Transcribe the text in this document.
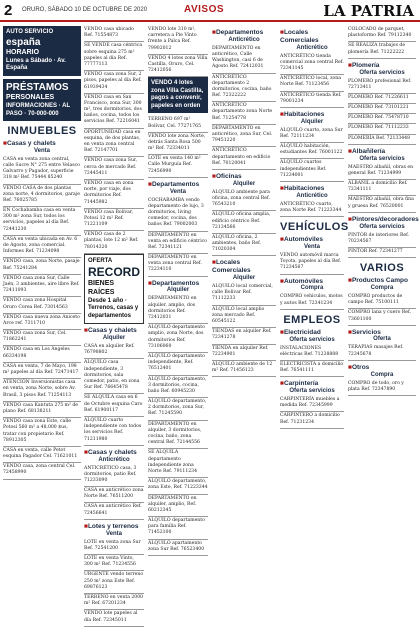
2 ORURO, SÁBADO 10 DE OCTUBRE DE 2020	AVISOS	LA PATRIA
AUTO SERVICIO
españa
HORARIO
Lunes a Sábado · Av. España
PRÉSTAMOS
PERSONALES
INFORMACIONES · AL PASO · 70-000-000
INMUEBLES
■ Casas y chalets
Venta
CASA en venta zona central, calle Sucre N° 275 entre Velasco Galvarro y Pagador, superficie 318 m² Ref. 75444 85240
VENDO CASA de dos plantas zona norte, 4 dormitorios, garaje Ref. 76025785
EN Cochabamba casa en venta 300 m² zona Sur, todos los servicios, papeles al día Ref. 72441230
CASA en venta ubicada en Av. 6 de Agosto, zona comercial. Informes Ref. 71234098
VENDO casa, zona Norte, pasaje Ref. 75241284
VENDO casa zona Sur, Calle Jaén, 3 ambientes, aire libre Ref. 72411093
VENDO casa zona Hospital Oruro Corea Ref. 73014563
VENDO casa nueva zona Aniceto Arce ref. 7311710
VENDO casa zona Sur, Cel. 71862241
VENDO casa en Los Ángeles 66334198
CASA en venta, 7 de Mayo, 198 m² papeles al día Ref. 72471417
ATENCIÓN Inversionistas casa en venta, zona Norte, sobre Av. Brasil, 3 pisos Ref. 71254113
VENDO casa Kantuta 275 m² de plano Ref. 68138211
VENDO casa zona Este, calle Potosí 560 m² a 48.000 $us, tratar con propietario Ref. 78912305
CASA en venta, calle Petot esquina Pagador Cel. 71621011
VENDO casa, zona central Cel. 72458990
VENDO casa ubicado Ref. 71554873
SE VENDE casa céntrica sobre esquina 275 m² papeles al día Ref. 77777113
VENDO casa zona Sur, 2 pisos, papeles al día Ref. 61939434
VENDO casa en San Francisco, zona Sur, 300 m², tres dormitorios, dos baños, cocina, todos los servicios Ref. 72216041
OPORTUNIDAD casa en esquina, de dos plantas, en venta zona central Ref. 72147701
VENDO casa zona Sur, cerca de mercado Ref. 72445411
VENDO casa en zona norte, por viaje, dos dormitorios Ref. 71445982
VENDO casa Bolívar, Potosí 12 m² Ref. 71221109
VENDO casa de 2 plantas, lote 12 m² Ref. 78014320
OFERTA
RECORD
BIENES RAÍCES
Desde 1 año · Terrenos, casas y departamentos
■ Casas y chalets
Alquiler
CASA en alquiler Ref. 76798802
ALQUILO casa independiente, 3 dormitorios, sala comedor, patio, en zona Sur Ref. 76645478
SE ALQUILA casa en 6 de Octubre esquina Caro Ref. 61900117
ALQUILO cuarto independiente con todos los servicios Ref. 71211980
■ Casas y chalets
Anticrético
ANTICRÉTICO casa, 3 dormitorios, patio Ref. 71233090
CASA en anticrético zona Norte Ref. 76511200
CASA en anticrético Ref. 72456641
■ Lotes y terrenos
Venta
LOTE en venta zona Sur Ref. 72541200
LOTE en venta Vinto, 300 m² Ref. 71234556
URGENTE vendo terreno 250 m² zona Este Ref. 69876123
TERRENO en venta 2000 m² Ref. 67201234
VENDO lote papeles al día Ref. 72345011
VENDO lote 310 m², carretera a Pie Vinto frente a Palca Ref. 79902012
VENDO 4 lotes zona Villa Castilla, Oruro, Cel. 72412056
VENDO 4 lotes zona Villa Castilla, pagos a convenir, papeles en orden
TERRENO 697 m² Bolívar, Cel. 77271765
VENDO lote zona Norte, detrás Santa Rosa 500 m² Ref. 72334011
LOTE en venta 140 m² Calle Murguía Ref. 72456990
■ Departamentos
Venta
COCHABAMBA vendo departamento de lujo, 3 dormitorios, living comedor, cocina, dos baños Ref. 79002003
DEPARTAMENTO en venta en edificio céntrico Ref. 72341121
DEPARTAMENTO en venta zona central Ref. 72234110
■ Departamentos
Alquiler
DEPARTAMENTO en alquiler, amplio, dos dormitorios Ref. 72412031
ALQUILO departamento amplio, zona Norte, dos dormitorios Ref. 73106060
ALQUILO departamento independiente, Ref. 76512401
ALQUILO departamento, 3 dormitorios, cocina, baño Ref. 60945230
ALQUILO departamento, 2 dormitorios, zona Sur, Ref. 71245590
DEPARTAMENTO en alquiler, 3 dormitorios, cocina, baño, zona central Ref. 72144556
SE ALQUILA departamento independiente zona Norte Ref. 79111234
ALQUILO departamento, zona Este, Ref. 71223344
DEPARTAMENTO en alquiler, amplio, Ref. 60212345
ALQUILO departamento para familia Ref. 71452100
ALQUILO apartamento zona Sur Ref. 76523400
■ Departamentos
Anticrético
DEPARTAMENTO en anticrético, Calle Washington, casi 6 de Agosto Ref. 72412031
ANTICRÉTICO departamento 2 dormitorios, cocina, baño Ref. 72322222
ANTICRÉTICO departamento zona Norte Ref. 71254778
DEPARTAMENTO en anticrético, zona Sur, Cel. 79451220
ANTICRÉTICO departamento en edificio Ref. 70120041
■ Oficinas
Alquiler
ALQUILO ambiente para oficina, zona central Ref. 76543210
ALQUILO oficina amplia, edificio céntrico Ref. 72134566
ALQUILO oficina, 2 ambientes, baño Ref. 71020304
■ Locales Comerciales
Alquiler
ALQUILO local comercial, calle Bolívar Ref. 71112233
ALQUILO local amplio zona mercado Ref. 60545122
TIENDAS en alquiler Ref. 72341278
TIENDA en alquiler Ref. 72234901
ALQUILO ambiente de 12 m² Ref. 71456123
■ Locales Comerciales
Anticrético
ANTICRÉTICO tienda comercial zona central Ref. 72341145
ANTICRÉTICO local, zona Norte Ref. 71123456
ANTICRÉTICO tienda Ref. 79001234
■ Habitaciones
Alquiler
ALQUILO cuarto, zona Sur Ref. 72111234
ALQUILO habitación, estudiantes Ref. 76001122
ALQUILO cuartos independientes Ref. 71234001
■ Habitaciones
Anticrético
ANTICRÉTICO cuarto, zona Norte Ref. 71223344
VEHÍCULOS
■ Automóviles
Venta
VENDO automóvil marca Toyota, papeles al día Ref. 71234567
■ Automóviles
Compra
COMPRO vehículos, motos y autos Ref. 72341234
EMPLEOS
■ Electricidad
Oferta servicios
INSTALACIONES eléctricas Ref. 71238888
ELECTRICISTA a domicilio Ref. 76541111
■ Carpintería
Oferta servicios
CARPINTERÍA muebles a medida Ref. 72345999
CARPINTERO a domicilio Ref. 71231234
COLOCADO de parquet, plastoformo Ref. 79112340
SE REALIZA trabajos de plomería Ref. 71222222
■ Plomería
Oferta servicios
PLOMERO profesional Ref. 72713411
PLOMERO Ref. 71226611
PLOMERO Ref. 73101221
PLOMERO Ref. 75478710
PLOMERO Ref. 71112233
PLOMERÍA Ref. 72133448
■ Albañilería
Oferta servicios
MAESTRO albañil, obras en general Ref. 71234999
ALBAÑIL a domicilio Ref. 72341111
MAESTRO albañil, obra fina y gruesa Ref. 76520001
■ Pintores/decoradores
Oferta servicios
PINTOR de interiores Ref. 70234567
PINTOR Ref. 72341277
VARIOS
■ Productos Campo
Compra
COMPRO productos de campo Ref. 75100111
COMPRO lana y cuero Ref. 73601100
■ Servicios
Oferta
TERAPIAS masajes Ref. 72345678
■ Otros
Compra
COMPRO de todo, oro y plata Ref. 72347890
